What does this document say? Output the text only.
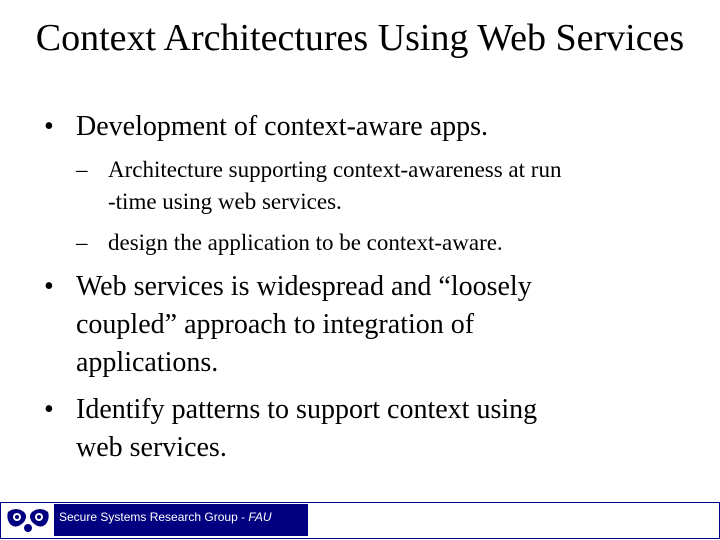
Context Architectures Using Web Services
• Development of context-aware apps.
– Architecture supporting context-awareness at run
-time using web services.
– design the application to be context-aware.
• Web services is widespread and “loosely
coupled” approach to integration of
applications.
• Identify patterns to support context using
web services.
Secure Systems Research Group - FAU
